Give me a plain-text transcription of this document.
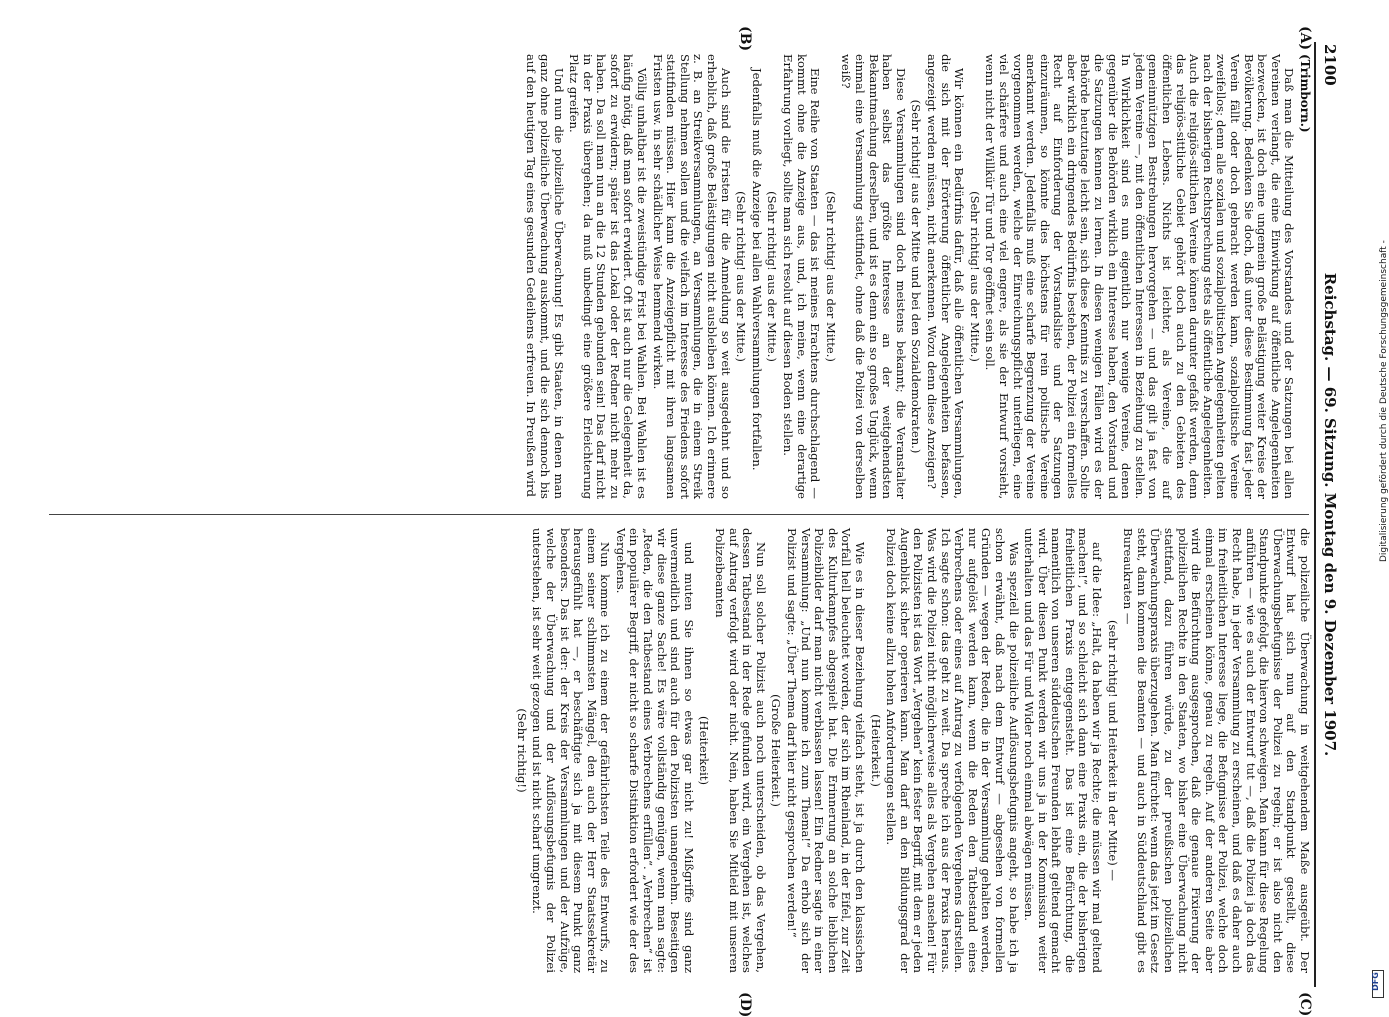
2100
Reichstag. — 69. Sitzung. Montag den 9. Dezember 1907.

(Trimborn.)

Daß man die Mitteilung des Vorstandes und der Satzungen bei allen Vereinen verlangt, die eine Einwirkung auf öffentliche Angelegenheiten bezwecken, ist doch eine ungemein große Belästigung weiter Kreise der Bevölkerung. Bedenken Sie doch, daß unter diese Bestimmung fast jeder Verein fällt oder doch gebracht werden kann, sozialpolitische Vereine zweifellos; denn alle sozialen und sozialpolitischen Angelegenheiten gelten nach der bisherigen Rechtsprechung stets als öffentliche Angelegenheiten. Auch die religiös-sittlichen Vereine können darunter gefaßt werden, denn das religiös-sittliche Gebiet gehört doch auch zu den Gebieten des öffentlichen Lebens. Nichts ist leichter, als Vereine, die auf gemeinnützigen Bestrebungen hervorgehen — und das gilt ja fast von jedem Vereine —, mit den öffentlichen Interessen in Beziehung zu stellen. In Wirklichkeit sind es nun eigentlich nur wenige Vereine, denen gegenüber die Behörden wirklich ein Interesse haben, den Vorstand und die Satzungen kennen zu lernen. In diesen wenigen Fällen wird es der Behörde heutzutage leicht sein, sich diese Kenntnis zu verschaffen. Sollte aber wirklich ein dringendes Bedürfnis bestehen, der Polizei ein formelles Recht auf Einforderung der Vorstandsliste und der Satzungen einzuräumen, so könnte dies höchstens für rein politische Vereine anerkannt werden. Jedenfalls muß eine scharfe Begrenzung der Vereine vorgenommen werden, welche der Einreichungspflicht unterliegen, eine viel schärfere und auch eine viel engere, als sie der Entwurf vorsieht, wenn nicht der Willkür Tür und Tor geöffnet sein soll.

(Sehr richtig! aus der Mitte.)

Wir können ein Bedürfnis dafür, daß alle öffentlichen Versammlungen, die sich mit der Erörterung öffentlicher Angelegenheiten befassen, angezeigt werden müssen, nicht anerkennen. Wozu denn diese Anzeigen?

(Sehr richtig! aus der Mitte und bei den Sozialdemokraten.)

Diese Versammlungen sind doch meistens bekannt; die Veranstalter haben selbst das größte Interesse an der weitgehendsten Bekanntmachung derselben, und ist es denn ein so großes Unglück, wenn einmal eine Versammlung stattfindet, ohne daß die Polizei von derselben weiß?

(Sehr richtig! aus der Mitte.)

Eine Reihe von Staaten — das ist meines Erachtens durchschlagend — kommt ohne die Anzeige aus, und, ich meine, wenn eine derartige Erfahrung vorliegt, sollte man sich resolut auf diesen Boden stellen.

(Sehr richtig! aus der Mitte.)

Jedenfalls muß die Anzeige bei allen Wahlversammlungen fortfallen.

(Sehr richtig! aus der Mitte.)

Auch sind die Fristen für die Anmeldung so weit ausgedehnt und so erheblich, daß große Belästigungen nicht ausbleiben können. Ich erinnere z. B. an Streikversammlungen, an Versammlungen, die in einem Streik Stellung nehmen sollen und die vielfach im Interesse des Friedens sofort stattfinden müssen. Hier kann die Anzeigepflicht mit ihren langsamen Fristen usw. in sehr schädlicher Weise hemmend wirken.

Völlig unhaltbar ist die zweistündige Frist bei Wahlen. Bei Wahlen ist es häufig nötig, daß man sofort erwidert. Oft ist auch nur die Gelegenheit da, sofort zu erwidern; später ist das Lokal oder der Redner nicht mehr zu haben. Da soll man nun an die 12 Stunden gebunden sein! Das darf nicht in der Praxis übergehen; da muß unbedingt eine größere Erleichterung Platz greifen.

Und nun die polizeiliche Überwachung! Es gibt Staaten, in denen man ganz ohne polizeiliche Überwachung auskommt, und die sich dennoch bis auf den heutigen Tag eines gesunden Gedeihens erfreuen. In Preußen wird

die polizeiliche Überwachung in weitgehendem Maße ausgeübt. Der Entwurf hat sich nun auf den Standpunkt gestellt, diese Überwachungsbefugnisse der Polizei zu regeln; er ist also nicht den Standpunkte gefolgt, die hiervon schweigen. Man kann für diese Regelung anführen — wie es auch der Entwurf tut —, daß die Polizei ja doch das Recht habe, in jeder Versammlung zu erscheinen, und daß es daher auch im freiheitlichen Interesse liege, die Befugnisse der Polizei, welche doch einmal erscheinen könne, genau zu regeln. Auf der anderen Seite aber wird die Befürchtung ausgesprochen, daß die genaue Fixierung der polizeilichen Rechte in den Staaten, wo bisher eine Überwachung nicht stattfand, dazu führen würde, zu der preußischen polizeilichen Überwachungspraxis überzugehen. Man fürchtet: wenn das jetzt im Gesetz steht, dann kommen die Beamten — und auch in Süddeutschland gibt es Bureaukraten —

(sehr richtig! und Heiterkeit in der Mitte) —

auf die Idee: „Halt, da haben wir ja Rechte; die müssen wir mal geltend machen!“, und so schleicht sich dann eine Praxis ein, die der bisherigen freiheitlichen Praxis entgegensteht. Das ist eine Befürchtung, die namentlich von unseren süddeutschen Freunden lebhaft geltend gemacht wird. Über diesen Punkt werden wir uns ja in der Kommission weiter unterhalten und das Für und Wider noch einmal abwägen müssen.

Was speziell die polizeiliche Auflösungsbefugnis angeht, so habe ich ja schon erwähnt, daß nach dem Entwurf — abgesehen von formellen Gründen — wegen der Reden, die in der Versammlung gehalten werden, nur aufgelöst werden kann, wenn die Reden den Tatbestand eines Verbrechens oder eines auf Antrag zu verfolgenden Vergehens darstellen. Ich sagte schon: das geht zu weit. Da spreche ich aus der Praxis heraus. Was wird die Polizei nicht möglicherweise alles als Vergehen ansehen! Für den Polizisten ist das Wort „Vergehen“ kein fester Begriff, mit dem er jeden Augenblick sicher operieren kann. Man darf an den Bildungsgrad der Polizei doch keine allzu hohen Anforderungen stellen.

(Heiterkeit.)

Wie es in dieser Beziehung vielfach steht, ist ja durch den klassischen Vorfall hell beleuchtet worden, der sich im Rheinland, in der Eifel, zur Zeit des Kulturkampfes abgespielt hat. Die Erinnerung an solche lieblichen Polizeibilder darf man nicht verblassen lassen! Ein Redner sagte in einer Versammlung: „Und nun komme ich zum Thema!“ Da erhob sich der Polizist und sagte: „Über Thema darf hier nicht gesprochen werden!“

(Große Heiterkeit.)

Nun soll solcher Polizist auch noch unterscheiden, ob das Vergehen, dessen Tatbestand in der Rede gefunden wird, ein Vergehen ist, welches auf Antrag verfolgt wird oder nicht. Nein, haben Sie Mitleid mit unseren Polizeibeamten

(Heiterkeit)

und muten Sie ihnen so etwas gar nicht zu! Mißgriffe sind ganz unvermeidlich und sind auch für den Polizisten unangenehm. Beseitigen wir diese ganze Sache! Es wäre vollständig genügen, wenn man sagte: „Reden, die den Tatbestand eines Verbrechens erfüllen“. „Verbrechen“ ist ein populärer Begriff, der nicht so scharfe Distinktion erfordert wie der des Vergehens.

Nun komme ich zu einem der gefährlichsten Teile des Entwurfs, zu einem seiner schlimmsten Mängel, den auch der Herr Staatssekretär herausgefühlt hat —, er beschäftigte sich ja mit diesem Punkt ganz besonders. Das ist der: der Kreis der Versammlungen und der Aufzüge, welche der Überwachung und der Auflösungsbefugnis der Polizei unterstehen, ist sehr weit gezogen und ist nicht scharf umgrenzt.

(Sehr richtig!)

(A)
(B)
(C)
(D)
Digitalisierung gefördert durch die Deutsche Forschungsgemeinschaft -
DFG
